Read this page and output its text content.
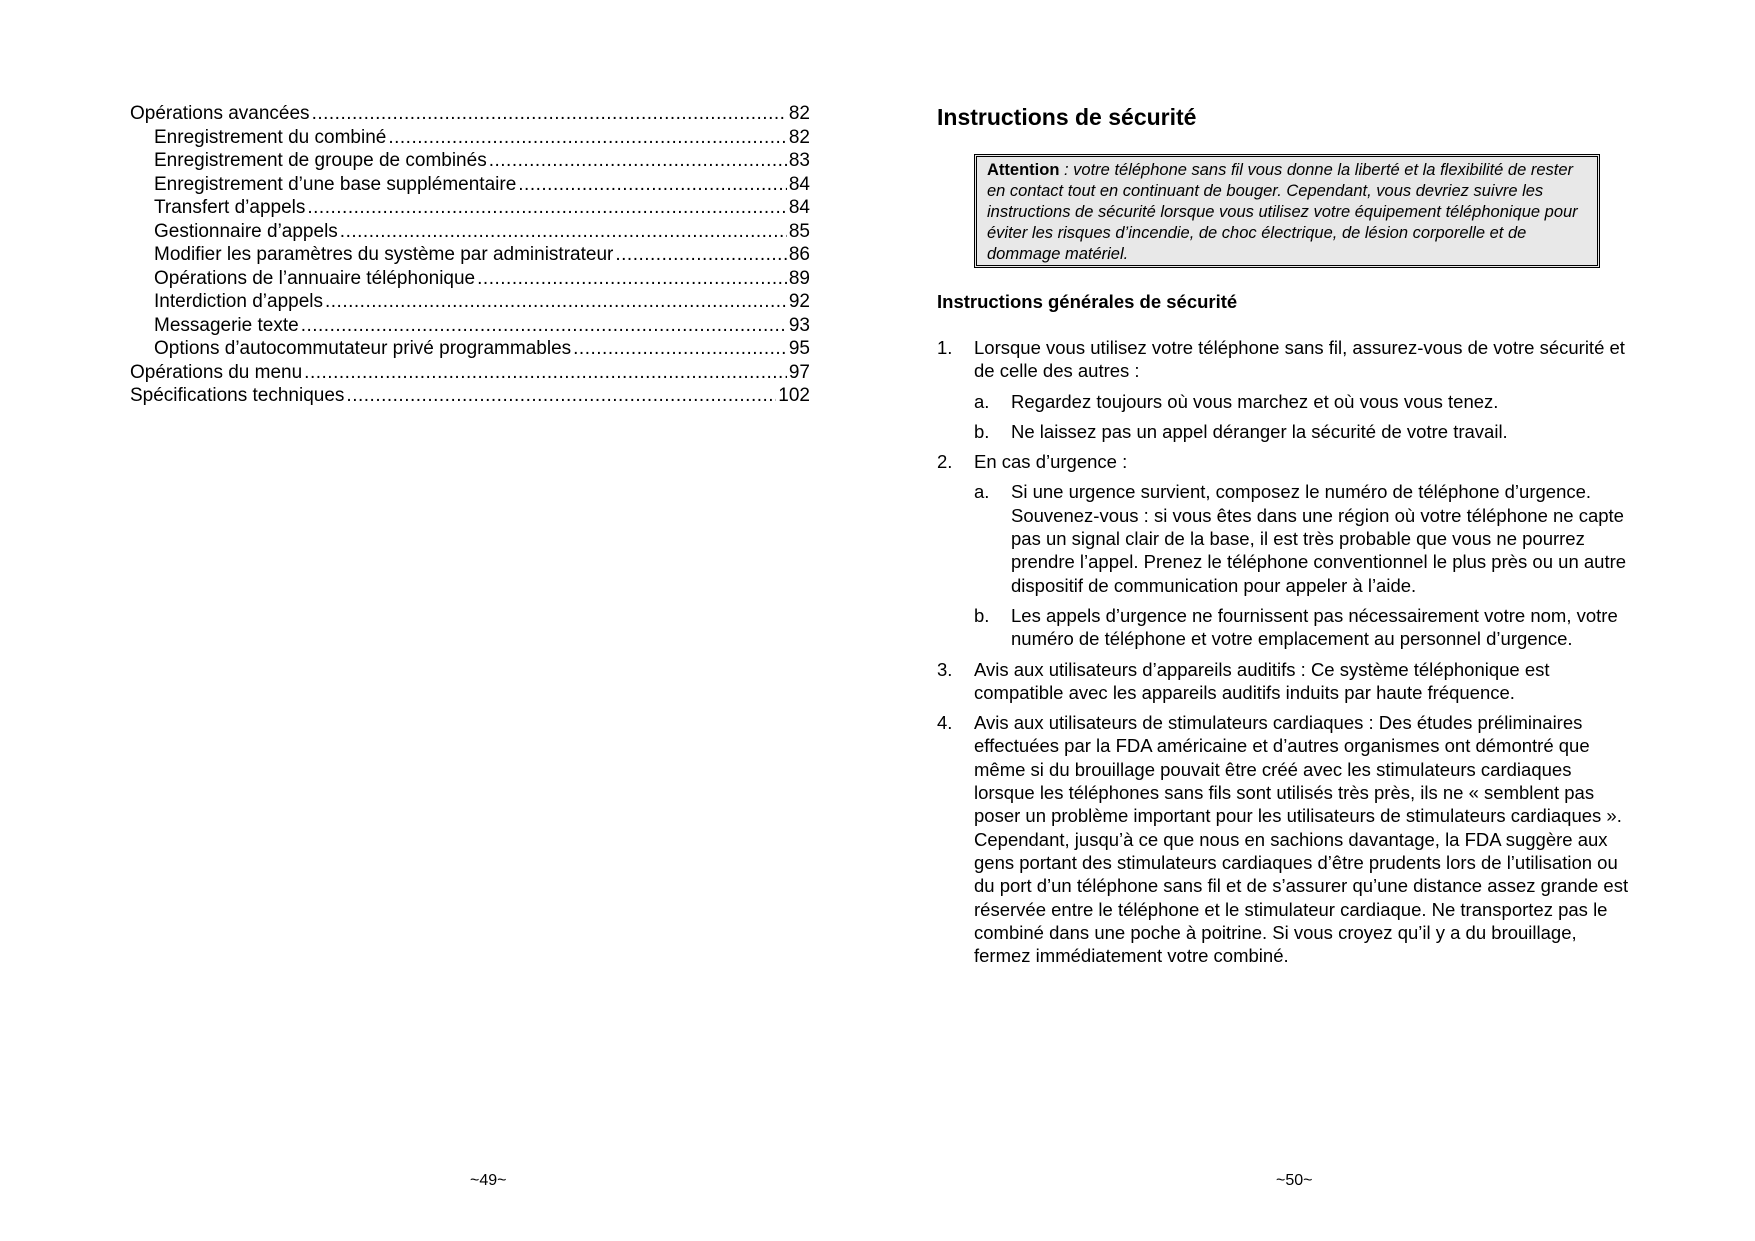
Opérations avancées .....	82
Enregistrement du combiné .....	82
Enregistrement de groupe de combinés .....	83
Enregistrement d’une base supplémentaire .....	84
Transfert d’appels .....	84
Gestionnaire d’appels .....	85
Modifier les paramètres du système par administrateur .....	86
Opérations de l’annuaire téléphonique .....	89
Interdiction d’appels .....	92
Messagerie texte .....	93
Options d’autocommutateur privé programmables .....	95
Opérations du menu .....	97
Spécifications techniques .....	102
~49~
Instructions de sécurité
Attention : votre téléphone sans fil vous donne la liberté et la flexibilité de rester en contact tout en continuant de bouger. Cependant, vous devriez suivre les instructions de sécurité lorsque vous utilisez votre équipement téléphonique pour éviter les risques d’incendie, de choc électrique, de lésion corporelle et de dommage matériel.
Instructions générales de sécurité
1.	Lorsque vous utilisez votre téléphone sans fil, assurez-vous de votre sécurité et de celle des autres :
a.	Regardez toujours où vous marchez et où vous vous tenez.
b.	Ne laissez pas un appel déranger la sécurité de votre travail.
2.	En cas d’urgence :
a.	Si une urgence survient, composez le numéro de téléphone d’urgence. Souvenez-vous : si vous êtes dans une région où votre téléphone ne capte pas un signal clair de la base, il est très probable que vous ne pourrez prendre l’appel. Prenez le téléphone conventionnel le plus près ou un autre dispositif de communication pour appeler à l’aide.
b.	Les appels d’urgence ne fournissent pas nécessairement votre nom, votre numéro de téléphone et votre emplacement au personnel d’urgence.
3.	Avis aux utilisateurs d’appareils auditifs : Ce système téléphonique est compatible avec les appareils auditifs induits par haute fréquence.
4.	Avis aux utilisateurs de stimulateurs cardiaques : Des études préliminaires effectuées par la FDA américaine et d’autres organismes ont démontré que même si du brouillage pouvait être créé avec les stimulateurs cardiaques lorsque les téléphones sans fils sont utilisés très près, ils ne « semblent pas poser un problème important pour les utilisateurs de stimulateurs cardiaques ». Cependant, jusqu’à ce que nous en sachions davantage, la FDA suggère aux gens portant des stimulateurs cardiaques d’être prudents lors de l’utilisation ou du port d’un téléphone sans fil et de s’assurer qu’une distance assez grande est réservée entre le téléphone et le stimulateur cardiaque. Ne transportez pas le combiné dans une poche à poitrine. Si vous croyez qu’il y a du brouillage, fermez immédiatement votre combiné.
~50~
